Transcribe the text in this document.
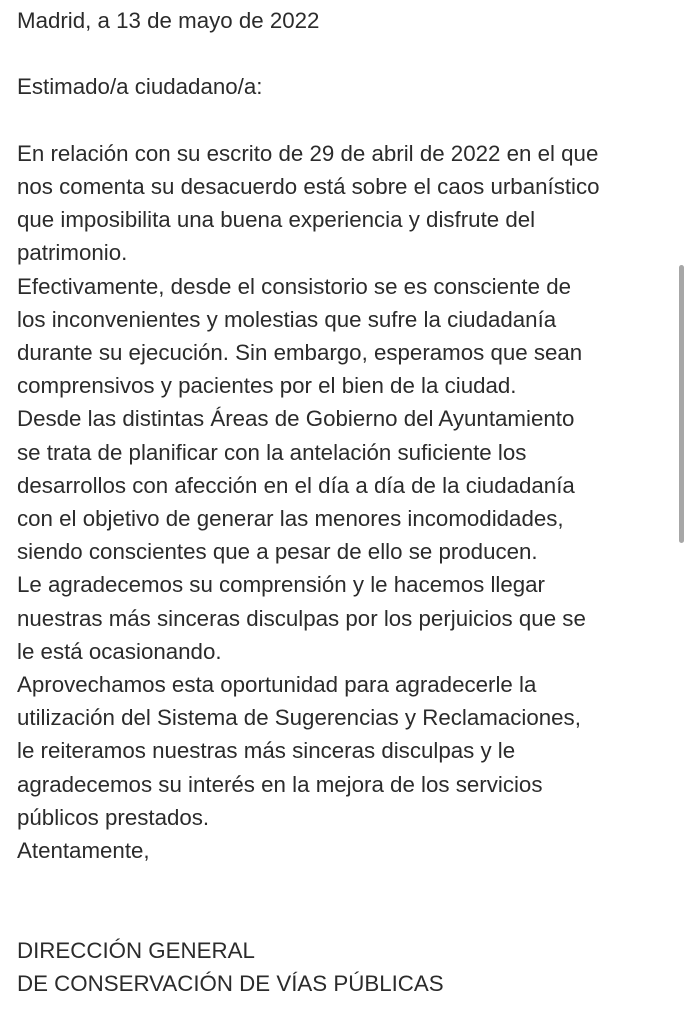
Madrid, a 13 de mayo de 2022

Estimado/a ciudadano/a:

En relación con su escrito de 29 de abril de 2022 en el que

nos comenta su desacuerdo está sobre el caos urbanístico

que imposibilita una buena experiencia y disfrute del

patrimonio.

Efectivamente, desde el consistorio se es consciente de

los inconvenientes y molestias que sufre la ciudadanía

durante su ejecución. Sin embargo, esperamos que sean

comprensivos y pacientes por el bien de la ciudad.

Desde las distintas Áreas de Gobierno del Ayuntamiento

se trata de planificar con la antelación suficiente los

desarrollos con afección en el día a día de la ciudadanía

con el objetivo de generar las menores incomodidades,

siendo conscientes que a pesar de ello se producen.

Le agradecemos su comprensión y le hacemos llegar

nuestras más sinceras disculpas por los perjuicios que se

le está ocasionando.

Aprovechamos esta oportunidad para agradecerle la

utilización del Sistema de Sugerencias y Reclamaciones,

le reiteramos nuestras más sinceras disculpas y le

agradecemos su interés en la mejora de los servicios

públicos prestados.

Atentamente,

DIRECCIÓN GENERAL

DE CONSERVACIÓN DE VÍAS PÚBLICAS
